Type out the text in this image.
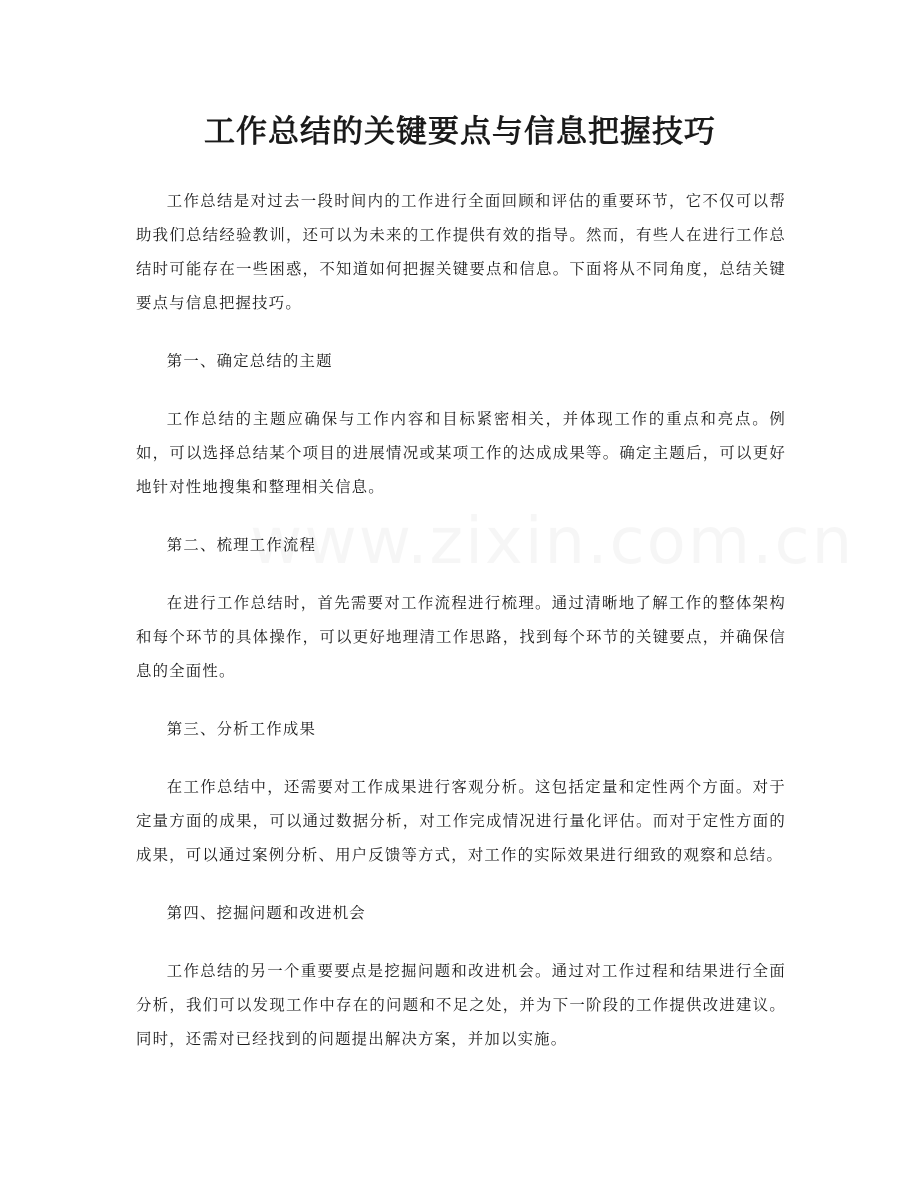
工作总结的关键要点与信息把握技巧

工作总结是对过去一段时间内的工作进行全面回顾和评估的重要环节，它不仅可以帮助我们总结经验教训，还可以为未来的工作提供有效的指导。然而，有些人在进行工作总结时可能存在一些困惑，不知道如何把握关键要点和信息。下面将从不同角度，总结关键要点与信息把握技巧。

第一、确定总结的主题

工作总结的主题应确保与工作内容和目标紧密相关，并体现工作的重点和亮点。例如，可以选择总结某个项目的进展情况或某项工作的达成成果等。确定主题后，可以更好地针对性地搜集和整理相关信息。

第二、梳理工作流程

在进行工作总结时，首先需要对工作流程进行梳理。通过清晰地了解工作的整体架构和每个环节的具体操作，可以更好地理清工作思路，找到每个环节的关键要点，并确保信息的全面性。

第三、分析工作成果

在工作总结中，还需要对工作成果进行客观分析。这包括定量和定性两个方面。对于定量方面的成果，可以通过数据分析，对工作完成情况进行量化评估。而对于定性方面的成果，可以通过案例分析、用户反馈等方式，对工作的实际效果进行细致的观察和总结。

第四、挖掘问题和改进机会

工作总结的另一个重要要点是挖掘问题和改进机会。通过对工作过程和结果进行全面分析，我们可以发现工作中存在的问题和不足之处，并为下一阶段的工作提供改进建议。同时，还需对已经找到的问题提出解决方案，并加以实施。
